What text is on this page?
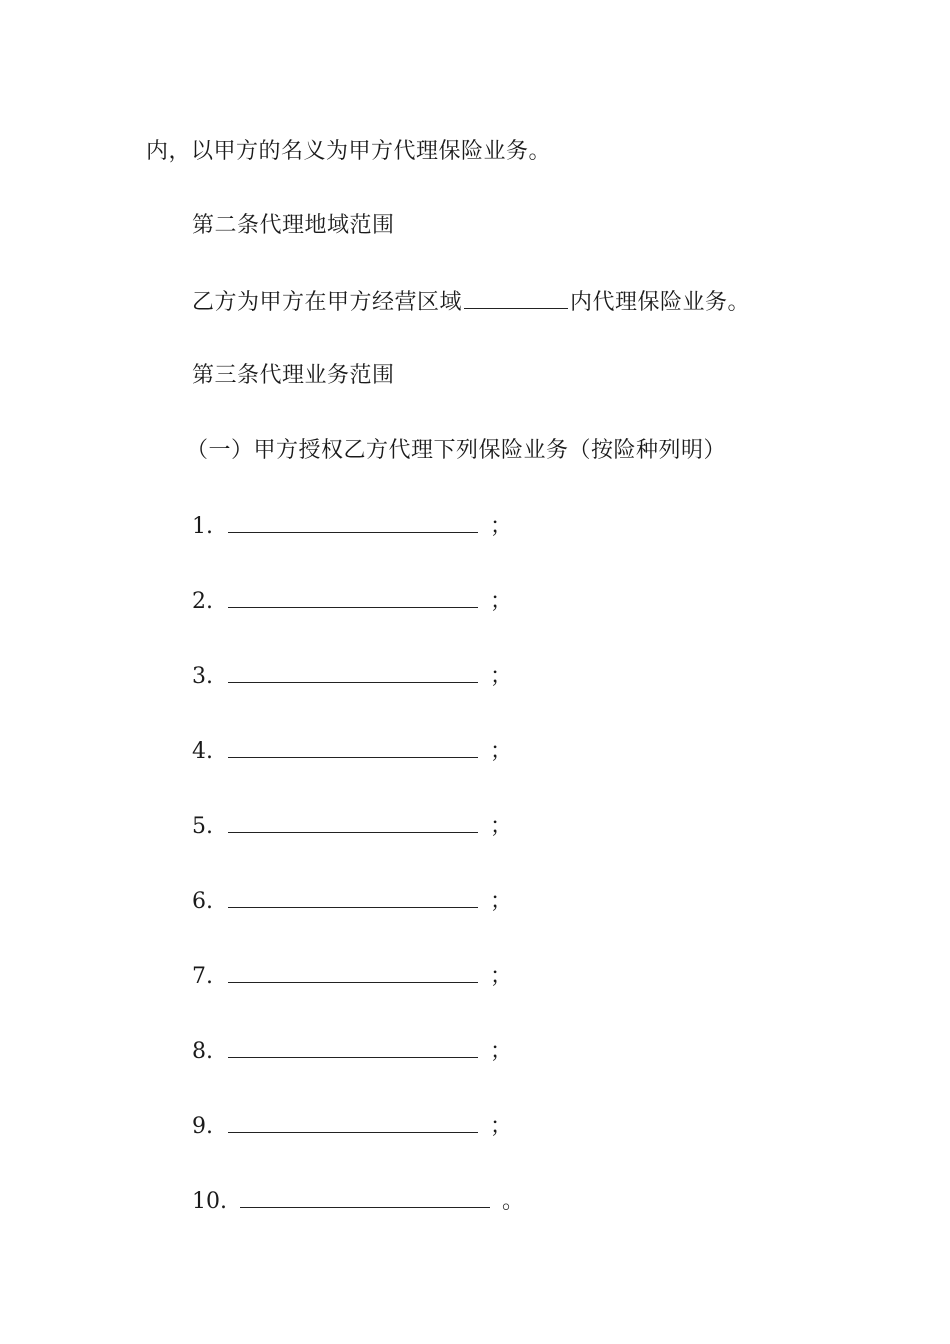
内，以甲方的名义为甲方代理保险业务。
第二条代理地域范围
乙方为甲方在甲方经营区域	内代理保险业务。
第三条代理业务范围
（一）甲方授权乙方代理下列保险业务（按险种列明）
1.	；
2.	；
3.	；
4.	；
5.	；
6.	；
7.	；
8.	；
9.	；
10.	。
